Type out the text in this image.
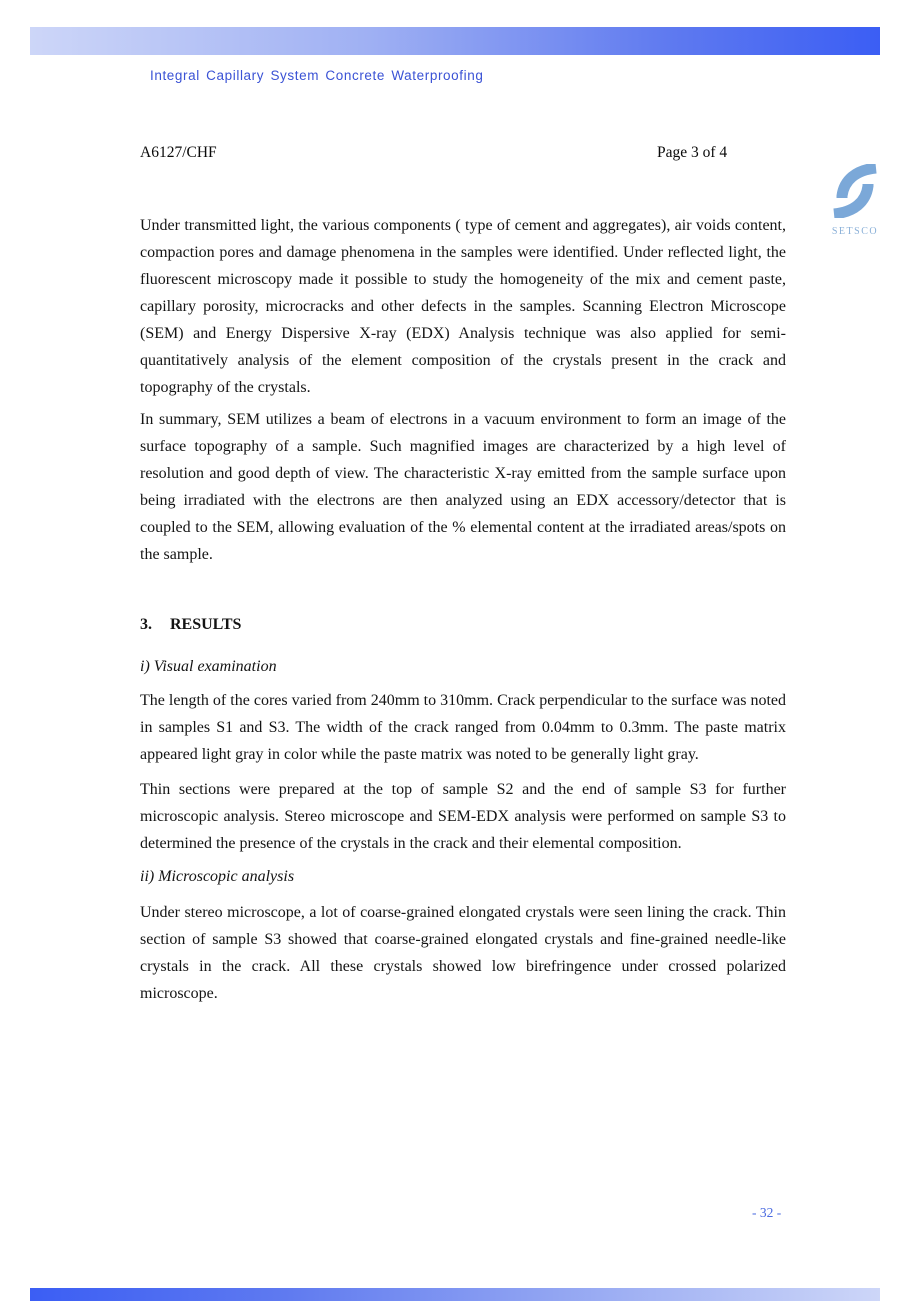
Integral Capillary System Concrete Waterproofing
A6127/CHF	Page 3 of 4
SETSCO

Under transmitted light, the various components ( type of cement and aggregates), air voids content, compaction pores and damage phenomena in the samples were identified. Under reflected light, the fluorescent microscopy made it possible to study the homogeneity of the mix and cement paste, capillary porosity, microcracks and other defects in the samples. Scanning Electron Microscope (SEM) and Energy Dispersive X-ray (EDX) Analysis technique was also applied for semi-quantitatively analysis of the element composition of the crystals present in the crack and topography of the crystals.

In summary, SEM utilizes a beam of electrons in a vacuum environment to form an image of the surface topography of a sample. Such magnified images are characterized by a high level of resolution and good depth of view. The characteristic X-ray emitted from the sample surface upon being irradiated with the electrons are then analyzed using an EDX accessory/detector that is coupled to the SEM, allowing evaluation of the % elemental content at the irradiated areas/spots on the sample.

3. RESULTS

i) Visual examination

The length of the cores varied from 240mm to 310mm. Crack perpendicular to the surface was noted in samples S1 and S3. The width of the crack ranged from 0.04mm to 0.3mm. The paste matrix appeared light gray in color while the paste matrix was noted to be generally light gray.

Thin sections were prepared at the top of sample S2 and the end of sample S3 for further microscopic analysis. Stereo microscope and SEM-EDX analysis were performed on sample S3 to determined the presence of the crystals in the crack and their elemental composition.

ii) Microscopic analysis

Under stereo microscope, a lot of coarse-grained elongated crystals were seen lining the crack. Thin section of sample S3 showed that coarse-grained elongated crystals and fine-grained needle-like crystals in the crack. All these crystals showed low birefringence under crossed polarized microscope.

- 32 -
